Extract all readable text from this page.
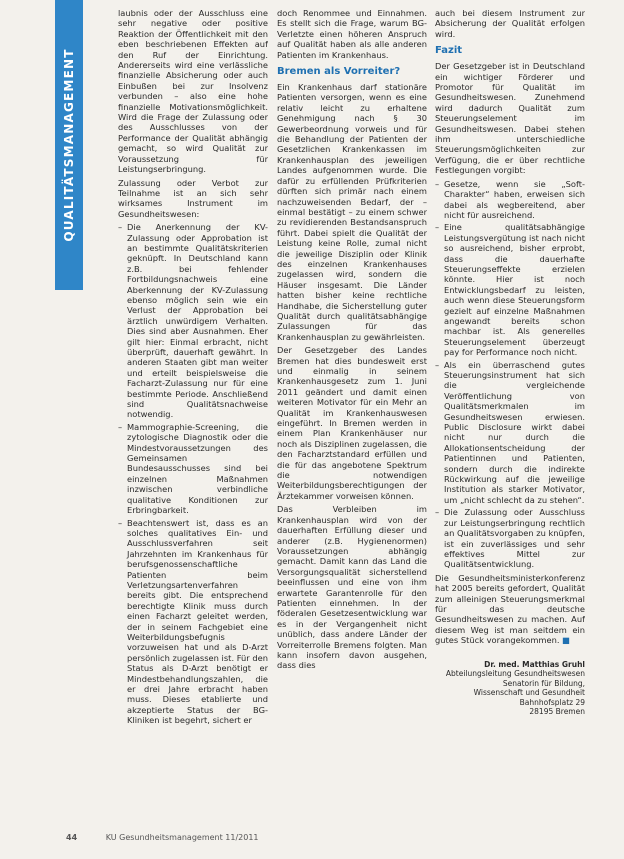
QUALITÄTSMANAGEMENT

laubnis oder der Ausschluss eine sehr negative oder positive Reaktion der Öffentlichkeit mit den eben beschriebenen Effekten auf den Ruf der Einrichtung. Andererseits wird eine verlässliche finanzielle Absicherung oder auch Einbußen bei zur Insolvenz verbunden – also eine hohe finanzielle Motivationsmöglichkeit. Wird die Frage der Zulassung oder des Ausschlusses von der Performance der Qualität abhängig gemacht, so wird Qualität zur Voraussetzung für Leistungserbringung.

Zulassung oder Verbot zur Teilnahme ist an sich sehr wirksames Instrument im Gesundheitswesen:

– Die Anerkennung der KV-Zulassung oder Approbation ist an bestimmte Qualitätskriterien geknüpft. In Deutschland kann z.B. bei fehlender Fortbildungsnachweis eine Aberkennung der KV-Zulassung ebenso möglich sein wie ein Verlust der Approbation bei ärztlich unwürdigem Verhalten. Dies sind aber Ausnahmen. Eher gilt hier: Einmal erbracht, nicht überprüft, dauerhaft gewährt. In anderen Staaten gibt man weiter und erteilt beispielsweise die Facharzt-Zulassung nur für eine bestimmte Periode. Anschließend sind Qualitätsnachweise notwendig.
– Mammographie-Screening, die zytologische Diagnostik oder die Mindestvoraussetzungen des Gemeinsamen Bundesausschusses sind bei einzelnen Maßnahmen inzwischen verbindliche qualitative Konditionen zur Erbringbarkeit.
– Beachtenswert ist, dass es an solches qualitatives Ein- und Ausschlussverfahren seit Jahrzehnten im Krankenhaus für berufsgenossenschaftliche Patienten beim Verletzungsartenverfahren bereits gibt. Die entsprechend berechtigte Klinik muss durch einen Facharzt geleitet werden, der in seinem Fachgebiet eine Weiterbildungsbefugnis vorzuweisen hat und als D-Arzt persönlich zugelassen ist. Für den Status als D-Arzt benötigt er Mindestbehandlungszahlen, die er drei Jahre erbracht haben muss. Dieses etablierte und akzeptierte Status der BG-Kliniken ist begehrt, sichert er

doch Renommee und Einnahmen. Es stellt sich die Frage, warum BG-Verletzte einen höheren Anspruch auf Qualität haben als alle anderen Patienten im Krankenhaus.

Bremen als Vorreiter?

Ein Krankenhaus darf stationäre Patienten versorgen, wenn es eine relativ leicht zu erhaltene Genehmigung nach § 30 Gewerbeordnung vorweis und für die Behandlung der Patienten der Gesetzlichen Krankenkassen im Krankenhausplan des jeweiligen Landes aufgenommen wurde. Die dafür zu erfüllenden Prüfkriterien dürften sich primär nach einem nachzuweisenden Bedarf, der – einmal bestätigt – zu einem schwer zu revidierenden Bestandsanspruch führt. Dabei spielt die Qualität der Leistung keine Rolle, zumal nicht die jeweilige Disziplin oder Klinik des einzelnen Krankenhauses zugelassen wird, sondern die Häuser insgesamt. Die Länder hatten bisher keine rechtliche Handhabe, die Sicherstellung guter Qualität durch qualitätsabhängige Zulassungen für das Krankenhausplan zu gewährleisten.

Der Gesetzgeber des Landes Bremen hat dies bundesweit erst und einmalig in seinem Krankenhausgesetz zum 1. Juni 2011 geändert und damit einen weiteren Motivator für ein Mehr an Qualität im Krankenhauswesen eingeführt. In Bremen werden in einem Plan Krankenhäuser nur noch als Disziplinen zugelassen, die den Facharztstandard erfüllen und die für das angebotene Spektrum die notwendigen Weiterbildungsberechtigungen der Ärztekammer vorweisen können.

Das Verbleiben im Krankenhausplan wird von der dauerhaften Erfüllung dieser und anderer (z.B. Hygienenormen) Voraussetzungen abhängig gemacht. Damit kann das Land die Versorgungsqualität sicherstellend beeinflussen und eine von ihm erwartete Garantenrolle für den Patienten einnehmen. In der föderalen Gesetzesentwicklung war es in der Vergangenheit nicht unüblich, dass andere Länder der Vorreiterrolle Bremens folgten. Man kann insofern davon ausgehen, dass dies

auch bei diesem Instrument zur Absicherung der Qualität erfolgen wird.

Fazit

Der Gesetzgeber ist in Deutschland ein wichtiger Förderer und Promotor für Qualität im Gesundheitswesen. Zunehmend wird dadurch Qualität zum Steuerungselement im Gesundheitswesen. Dabei stehen ihm unterschiedliche Steuerungsmöglichkeiten zur Verfügung, die er über rechtliche Festlegungen vorgibt:

– Gesetze, wenn sie „Soft-Charakter“ haben, erweisen sich dabei als wegbereitend, aber nicht für ausreichend.
– Eine qualitätsabhängige Leistungsvergütung ist nach nicht so ausreichend, bisher erprobt, dass die dauerhafte Steuerungseffekte erzielen könnte. Hier ist noch Entwicklungsbedarf zu leisten, auch wenn diese Steuerungsform gezielt auf einzelne Maßnahmen angewandt bereits schon machbar ist. Als generelles Steuerungselement überzeugt pay for Performance noch nicht.
– Als ein überraschend gutes Steuerungsinstrument hat sich die vergleichende Veröffentlichung von Qualitätsmerkmalen im Gesundheitswesen erwiesen. Public Disclosure wirkt dabei nicht nur durch die Allokationsentscheidung der Patientinnen und Patienten, sondern durch die indirekte Rückwirkung auf die jeweilige Institution als starker Motivator, um „nicht schlecht da zu stehen“.
– Die Zulassung oder Ausschluss zur Leistungserbringung rechtlich an Qualitätsvorgaben zu knüpfen, ist ein zuverlässiges und sehr effektives Mittel zur Qualitätsentwicklung.

Die Gesundheitsministerkonferenz hat 2005 bereits gefordert, Qualität zum alleinigen Steuerungsmerkmal für das deutsche Gesundheitswesen zu machen. Auf diesem Weg ist man seitdem ein gutes Stück vorangekommen. ■

Dr. med. Matthias Gruhl
Abteilungsleitung Gesundheitswesen
Senatorin für Bildung,
Wissenschaft und Gesundheit
Bahnhofsplatz 29
28195 Bremen
44	KU Gesundheitsmanagement 11/2011
